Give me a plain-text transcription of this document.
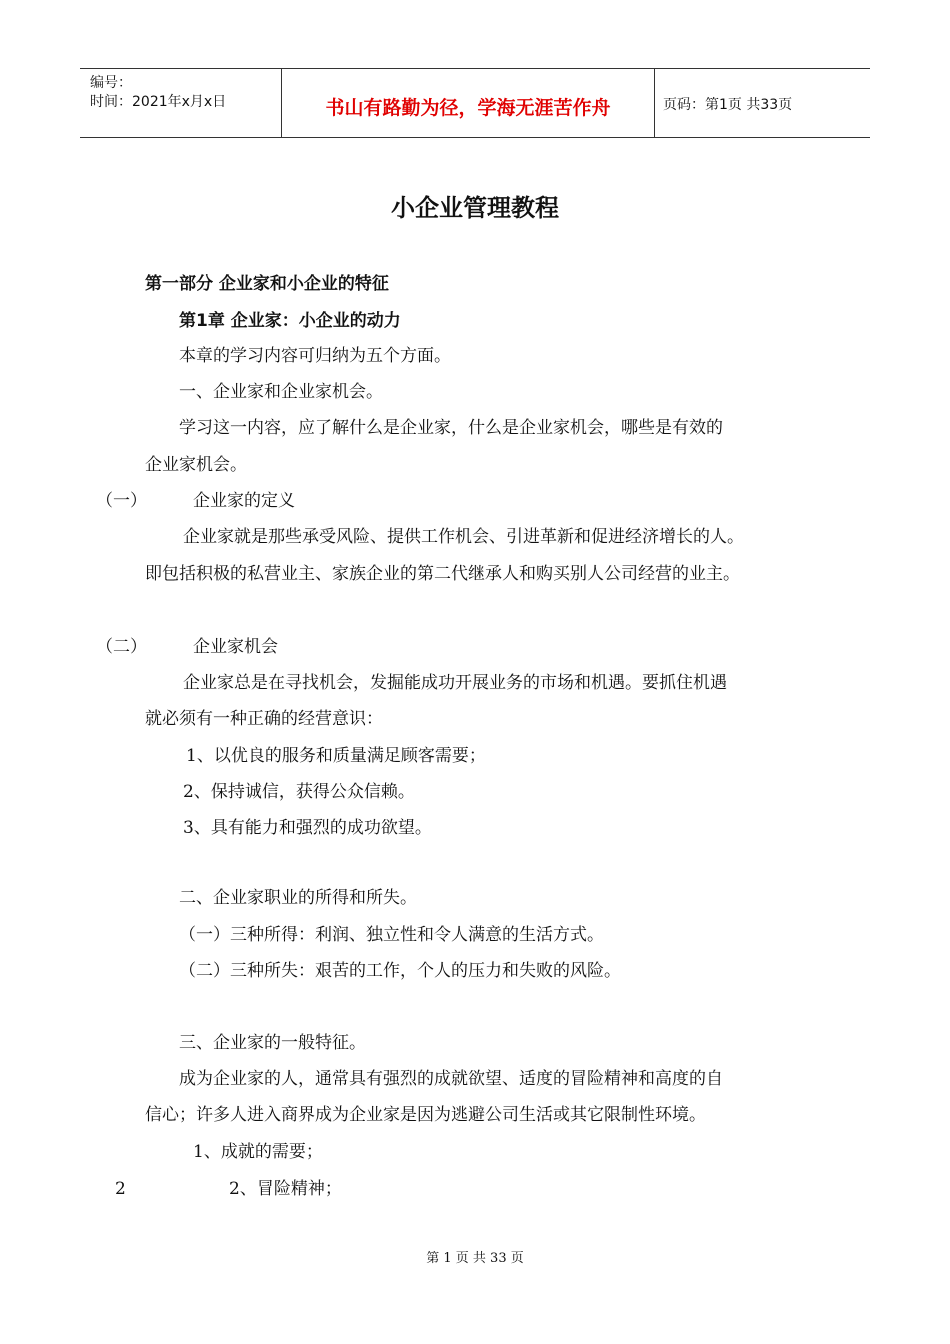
编号：
时间：2021年x月x日	书山有路勤为径，学海无涯苦作舟	页码：第1页 共33页
小企业管理教程
第一部分 企业家和小企业的特征
第1章 企业家：小企业的动力
本章的学习内容可归纳为五个方面。
一、企业家和企业家机会。
学习这一内容，应了解什么是企业家，什么是企业家机会，哪些是有效的
企业家机会。
（一）	企业家的定义
企业家就是那些承受风险、提供工作机会、引进革新和促进经济增长的人。
即包括积极的私营业主、家族企业的第二代继承人和购买别人公司经营的业主。
（二）	企业家机会
企业家总是在寻找机会，发掘能成功开展业务的市场和机遇。要抓住机遇
就必须有一种正确的经营意识：
1、以优良的服务和质量满足顾客需要；
2、保持诚信，获得公众信赖。
3、具有能力和强烈的成功欲望。
二、企业家职业的所得和所失。
（一）三种所得：利润、独立性和令人满意的生活方式。
（二）三种所失：艰苦的工作，个人的压力和失败的风险。
三、企业家的一般特征。
成为企业家的人，通常具有强烈的成就欲望、适度的冒险精神和高度的自
信心；许多人进入商界成为企业家是因为逃避公司生活或其它限制性环境。
1、成就的需要；
2	2、冒险精神；
第 1 页 共 33 页
